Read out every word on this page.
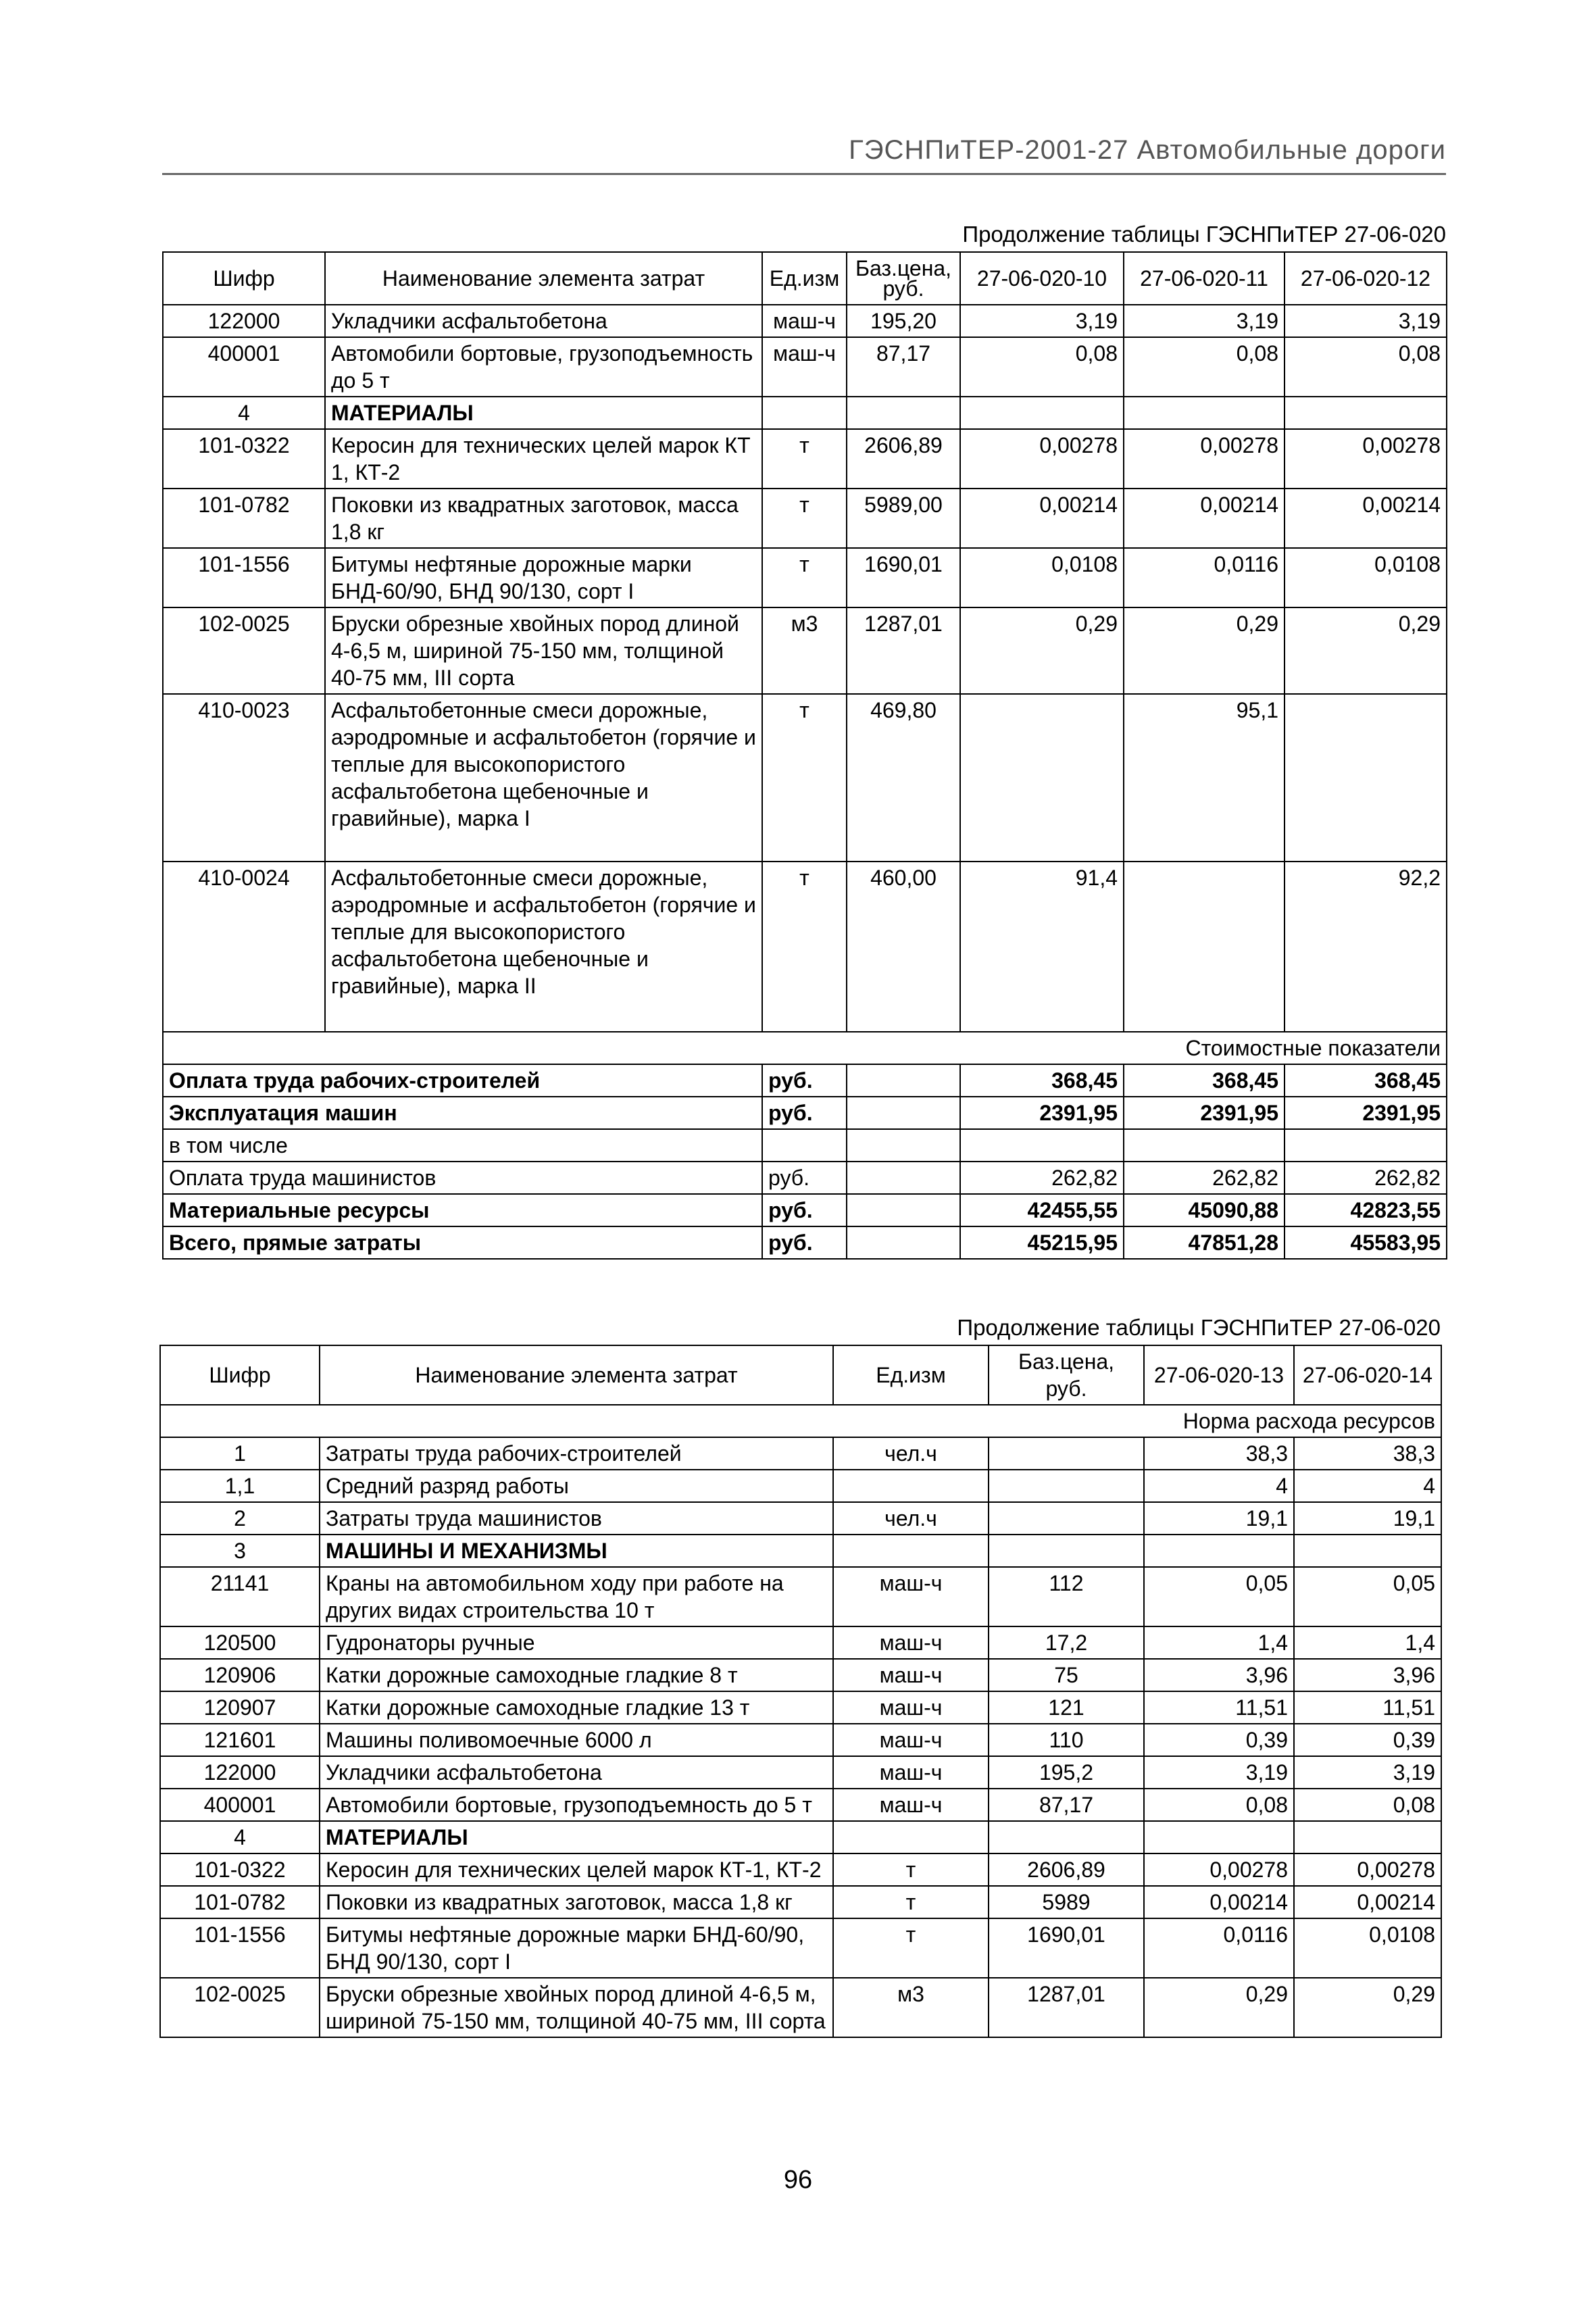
ГЭСНПиТЕР-2001-27 Автомобильные дороги
Продолжение таблицы ГЭСНПиТЕР 27-06-020
Шифр	Наименование элемента затрат	Ед.изм	Баз.цена, руб.	27-06-020-10	27-06-020-11	27-06-020-12
122000	Укладчики асфальтобетона	маш-ч	195,20	3,19	3,19	3,19
400001	Автомобили бортовые, грузоподъемность до 5 т	маш-ч	87,17	0,08	0,08	0,08
4	МАТЕРИАЛЫ					
101-0322	Керосин для технических целей марок КТ 1, КТ-2	т	2606,89	0,00278	0,00278	0,00278
101-0782	Поковки из квадратных заготовок, масса 1,8 кг	т	5989,00	0,00214	0,00214	0,00214
101-1556	Битумы нефтяные дорожные марки БНД-60/90, БНД 90/130, сорт I	т	1690,01	0,0108	0,0116	0,0108
102-0025	Бруски обрезные хвойных пород длиной 4-6,5 м, шириной 75-150 мм, толщиной 40-75 мм, III сорта	м3	1287,01	0,29	0,29	0,29
410-0023	Асфальтобетонные смеси дорожные, аэродромные и асфальтобетон (горячие и теплые для высокопористого асфальтобетона щебеночные и гравийные), марка I	т	469,80		95,1	
410-0024	Асфальтобетонные смеси дорожные, аэродромные и асфальтобетон (горячие и теплые для высокопористого асфальтобетона щебеночные и гравийные), марка II	т	460,00	91,4		92,2
Стоимостные показатели						
Оплата труда рабочих-строителей		руб.		368,45	368,45	368,45
Эксплуатация машин		руб.		2391,95	2391,95	2391,95
в том числе						
Оплата труда машинистов		руб.		262,82	262,82	262,82
Материальные ресурсы		руб.		42455,55	45090,88	42823,55
Всего, прямые затраты		руб.		45215,95	47851,28	45583,95
Продолжение таблицы ГЭСНПиТЕР 27-06-020
Шифр	Наименование элемента затрат	Ед.изм	Баз.цена, руб.	27-06-020-13	27-06-020-14
Норма расхода ресурсов					
1	Затраты труда рабочих-строителей	чел.ч		38,3	38,3
1,1	Средний разряд работы			4	4
2	Затраты труда машинистов	чел.ч		19,1	19,1
3	МАШИНЫ И МЕХАНИЗМЫ				
21141	Краны на автомобильном ходу при работе на других видах строительства 10 т	маш-ч	112	0,05	0,05
120500	Гудронаторы ручные	маш-ч	17,2	1,4	1,4
120906	Катки дорожные самоходные гладкие 8 т	маш-ч	75	3,96	3,96
120907	Катки дорожные самоходные гладкие 13 т	маш-ч	121	11,51	11,51
121601	Машины поливомоечные 6000 л	маш-ч	110	0,39	0,39
122000	Укладчики асфальтобетона	маш-ч	195,2	3,19	3,19
400001	Автомобили бортовые, грузоподъемность до 5 т	маш-ч	87,17	0,08	0,08
4	МАТЕРИАЛЫ				
101-0322	Керосин для технических целей марок КТ-1, КТ-2	т	2606,89	0,00278	0,00278
101-0782	Поковки из квадратных заготовок, масса 1,8 кг	т	5989	0,00214	0,00214
101-1556	Битумы нефтяные дорожные марки БНД-60/90, БНД 90/130, сорт I	т	1690,01	0,0116	0,0108
102-0025	Бруски обрезные хвойных пород длиной 4-6,5 м, шириной 75-150 мм, толщиной 40-75 мм, III сорта	м3	1287,01	0,29	0,29
96
